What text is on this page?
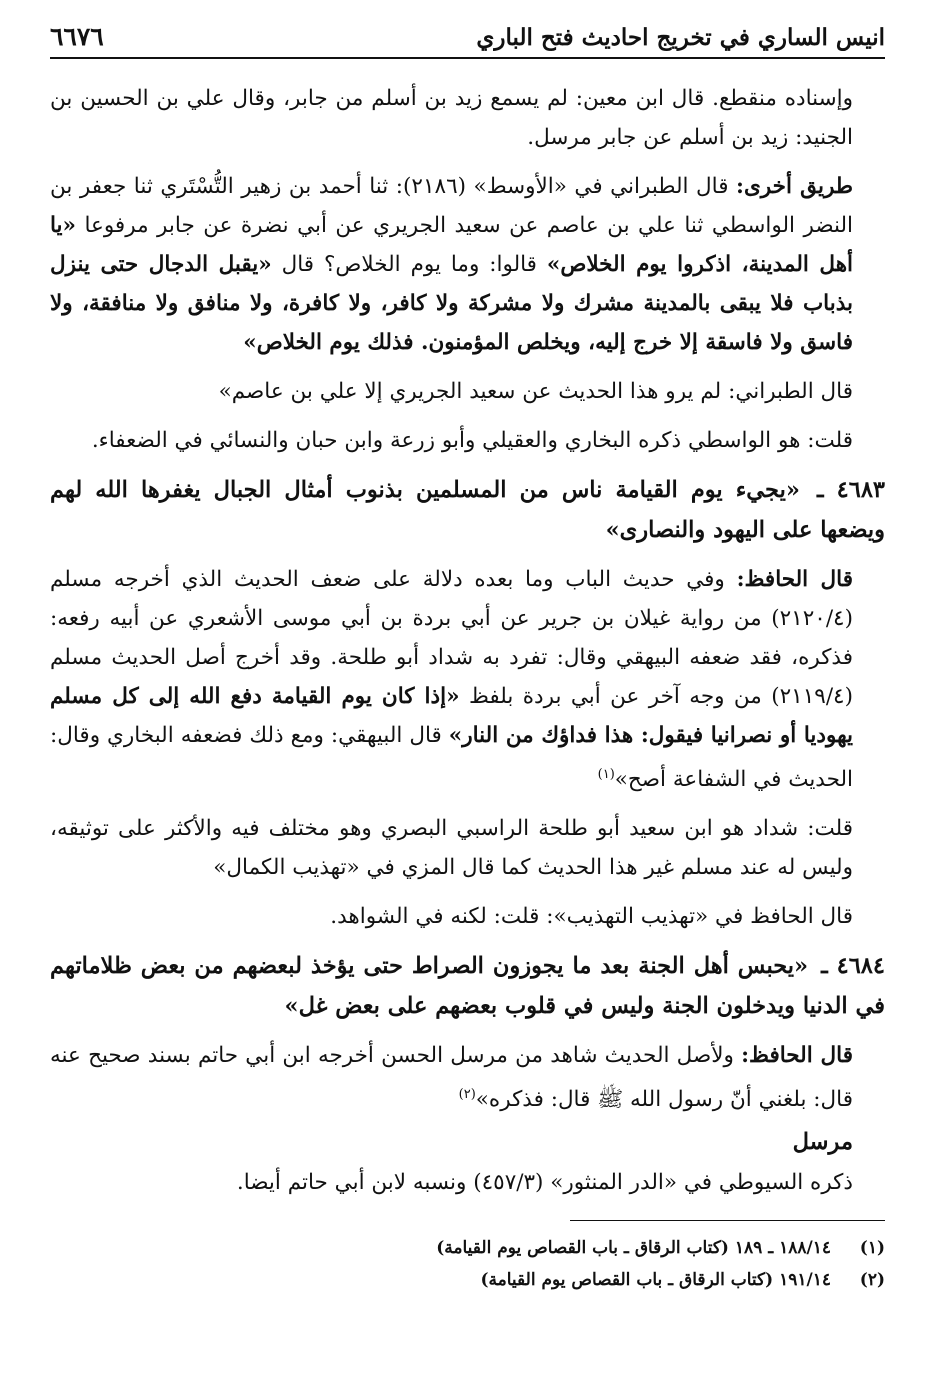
انيس الساري في تخريج احاديث فتح الباري
٦٦٧٦

وإسناده منقطع. قال ابن معين: لم يسمع زيد بن أسلم من جابر، وقال علي بن الحسين بن الجنيد: زيد بن أسلم عن جابر مرسل.

طريق أخرى: قال الطبراني في «الأوسط» (٢١٨٦): ثنا أحمد بن زهير التُّسْتَري ثنا جعفر بن النضر الواسطي ثنا علي بن عاصم عن سعيد الجريري عن أبي نضرة عن جابر مرفوعا «يا أهل المدينة، اذكروا يوم الخلاص» قالوا: وما يوم الخلاص؟ قال «يقبل الدجال حتى ينزل بذباب فلا يبقى بالمدينة مشرك ولا مشركة ولا كافر، ولا كافرة، ولا منافق ولا منافقة، ولا فاسق ولا فاسقة إلا خرج إليه، ويخلص المؤمنون. فذلك يوم الخلاص»

قال الطبراني: لم يرو هذا الحديث عن سعيد الجريري إلا علي بن عاصم»

قلت: هو الواسطي ذكره البخاري والعقيلي وأبو زرعة وابن حبان والنسائي في الضعفاء.

٤٦٨٣ ـ «يجيء يوم القيامة ناس من المسلمين بذنوب أمثال الجبال يغفرها الله لهم ويضعها على اليهود والنصارى»

قال الحافظ: وفي حديث الباب وما بعده دلالة على ضعف الحديث الذي أخرجه مسلم (٢١٢٠/٤) من رواية غيلان بن جرير عن أبي بردة بن أبي موسى الأشعري عن أبيه رفعه: فذكره، فقد ضعفه البيهقي وقال: تفرد به شداد أبو طلحة. وقد أخرج أصل الحديث مسلم (٢١١٩/٤) من وجه آخر عن أبي بردة بلفظ «إذا كان يوم القيامة دفع الله إلى كل مسلم يهوديا أو نصرانيا فيقول: هذا فداؤك من النار» قال البيهقي: ومع ذلك فضعفه البخاري وقال: الحديث في الشفاعة أصح»$^{(١)}$

قلت: شداد هو ابن سعيد أبو طلحة الراسبي البصري وهو مختلف فيه والأكثر على توثيقه، وليس له عند مسلم غير هذا الحديث كما قال المزي في «تهذيب الكمال»

قال الحافظ في «تهذيب التهذيب»: قلت: لكنه في الشواهد.

٤٦٨٤ ـ «يحبس أهل الجنة بعد ما يجوزون الصراط حتى يؤخذ لبعضهم من بعض ظلاماتهم في الدنيا ويدخلون الجنة وليس في قلوب بعضهم على بعض غل»

قال الحافظ: ولأصل الحديث شاهد من مرسل الحسن أخرجه ابن أبي حاتم بسند صحيح عنه قال: بلغني أنّ رسول الله ﷺ قال: فذكره»$^{(٢)}$

مرسل

ذكره السيوطي في «الدر المنثور» (٤٥٧/٣) ونسبه لابن أبي حاتم أيضا.

(١)
١٨٨/١٤ ـ ١٨٩ (كتاب الرقاق ـ باب القصاص يوم القيامة)
(٢)
١٩١/١٤ (كتاب الرقاق ـ باب القصاص يوم القيامة)
